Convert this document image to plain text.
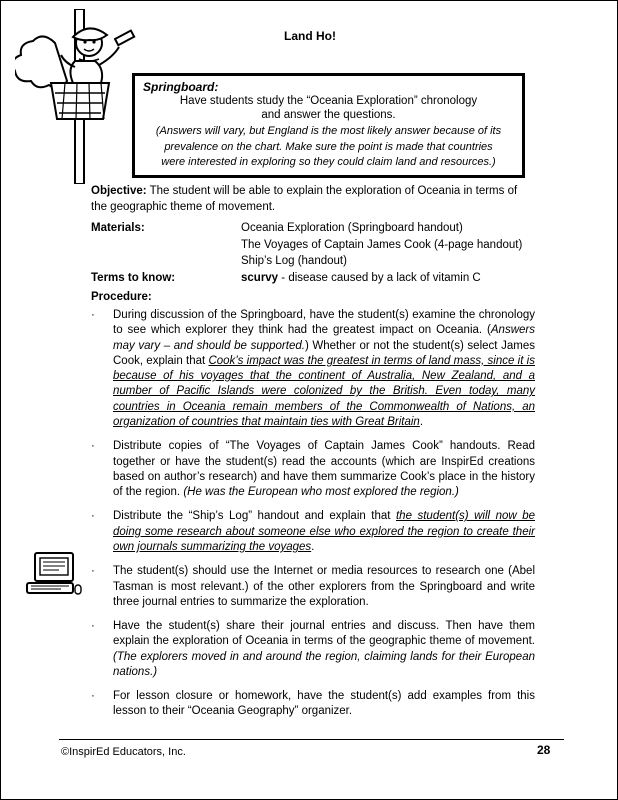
Land Ho!
Springboard:
Have students study the “Oceania Exploration” chronology
and answer the questions.
(Answers will vary, but England is the most likely answer because of its
prevalence on the chart. Make sure the point is made that countries
were interested in exploring so they could claim land and resources.)
Objective: The student will be able to explain the exploration of Oceania in terms of the geographic theme of movement.
Materials:	Oceania Exploration (Springboard handout)
The Voyages of Captain James Cook (4-page handout)
Ship’s Log (handout)
Terms to know:	scurvy - disease caused by a lack of vitamin C
Procedure:
·	During discussion of the Springboard, have the student(s) examine the chronology to see which explorer they think had the greatest impact on Oceania. (Answers may vary – and should be supported.) Whether or not the student(s) select James Cook, explain that Cook’s impact was the greatest in terms of land mass, since it is because of his voyages that the continent of Australia, New Zealand, and a number of Pacific Islands were colonized by the British. Even today, many countries in Oceania remain members of the Commonwealth of Nations, an organization of countries that maintain ties with Great Britain.
·	Distribute copies of “The Voyages of Captain James Cook” handouts. Read together or have the student(s) read the accounts (which are InspirEd creations based on author’s research) and have them summarize Cook’s place in the history of the region. (He was the European who most explored the region.)
·	Distribute the “Ship’s Log” handout and explain that the student(s) will now be doing some research about someone else who explored the region to create their own journals summarizing the voyages.
·	The student(s) should use the Internet or media resources to research one (Abel Tasman is most relevant.) of the other explorers from the Springboard and write three journal entries to summarize the exploration.
·	Have the student(s) share their journal entries and discuss. Then have them explain the exploration of Oceania in terms of the geographic theme of movement. (The explorers moved in and around the region, claiming lands for their European nations.)
·	For lesson closure or homework, have the student(s) add examples from this lesson to their “Oceania Geography” organizer.
©InspirEd Educators, Inc.	28
